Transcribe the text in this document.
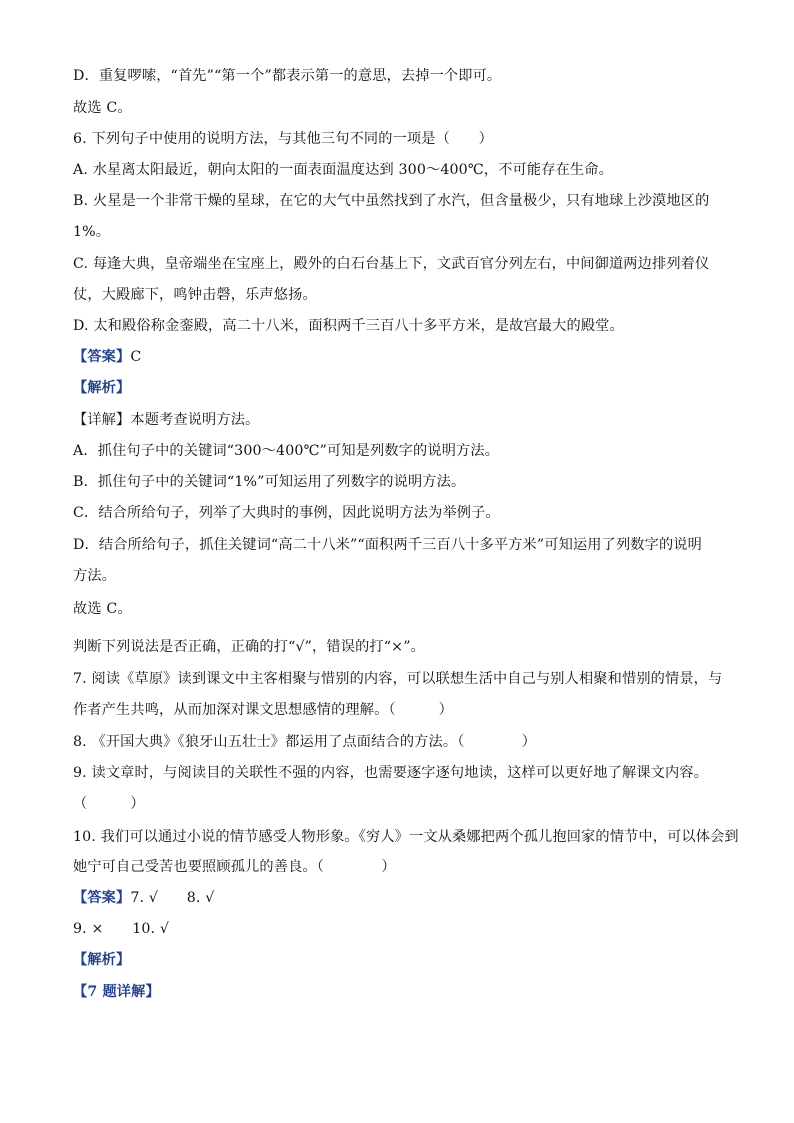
D．重复啰嗦，“首先”“第一个”都表示第一的意思，去掉一个即可。
故选 C。
6. 下列句子中使用的说明方法，与其他三句不同的一项是（　　）
A. 水星离太阳最近，朝向太阳的一面表面温度达到 300～400℃，不可能存在生命。
B. 火星是一个非常干燥的星球，在它的大气中虽然找到了水汽，但含量极少，只有地球上沙漠地区的
1%。
C. 每逢大典，皇帝端坐在宝座上，殿外的白石台基上下，文武百官分列左右，中间御道两边排列着仪
仗，大殿廊下，鸣钟击磬，乐声悠扬。
D. 太和殿俗称金銮殿，高二十八米，面积两千三百八十多平方米，是故宫最大的殿堂。
【答案】C
【解析】
【详解】本题考查说明方法。
A．抓住句子中的关键词“300～400℃”可知是列数字的说明方法。
B．抓住句子中的关键词“1%”可知运用了列数字的说明方法。
C．结合所给句子，列举了大典时的事例，因此说明方法为举例子。
D．结合所给句子，抓住关键词“高二十八米”“面积两千三百八十多平方米”可知运用了列数字的说明
方法。
故选 C。
判断下列说法是否正确，正确的打“√”，错误的打“×”。
7. 阅读《草原》读到课文中主客相聚与惜别的内容，可以联想生活中自己与别人相聚和惜别的情景，与
作者产生共鸣，从而加深对课文思想感情的理解。（　　　）
8. 《开国大典》《狼牙山五壮士》都运用了点面结合的方法。（　　　　）
9. 读文章时，与阅读目的关联性不强的内容，也需要逐字逐句地读，这样可以更好地了解课文内容。
（　　　）
10. 我们可以通过小说的情节感受人物形象。《穷人》一文从桑娜把两个孤儿抱回家的情节中，可以体会到
她宁可自己受苦也要照顾孤儿的善良。（　　　　）
【答案】7. √　　8. √
9. ×　　10. √
【解析】
【7 题详解】
